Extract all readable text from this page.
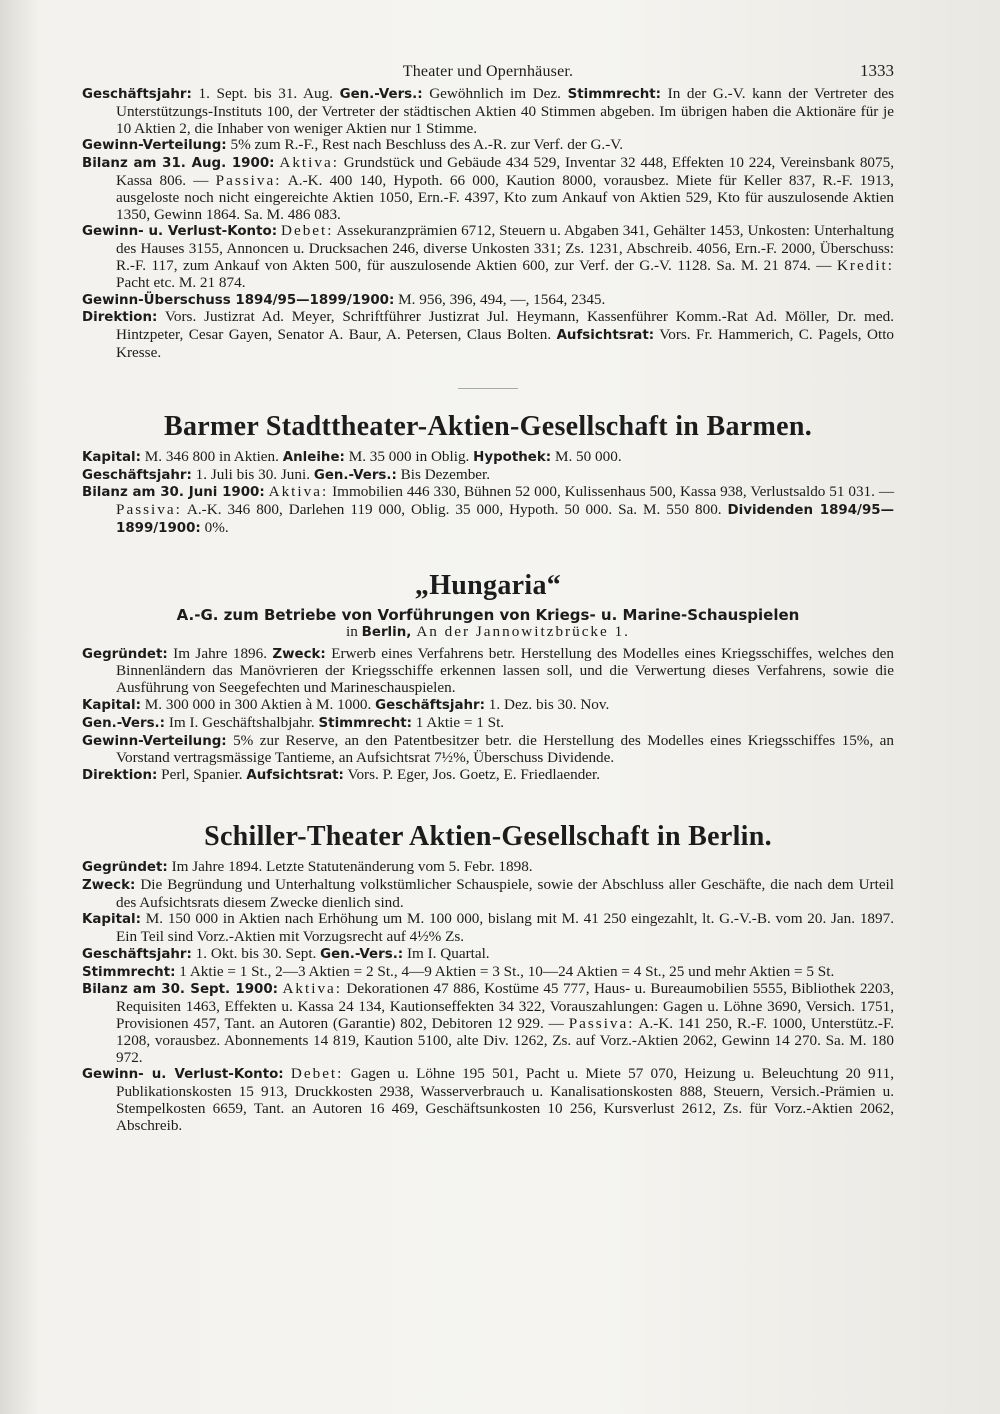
Theater und Opernhäuser.	1333

Geschäftsjahr: 1. Sept. bis 31. Aug. Gen.-Vers.: Gewöhnlich im Dez. Stimmrecht: In der G.-V. kann der Vertreter des Unterstützungs-Instituts 100, der Vertreter der städtischen Aktien 40 Stimmen abgeben. Im übrigen haben die Aktionäre für je 10 Aktien 2, die Inhaber von weniger Aktien nur 1 Stimme.

Gewinn-Verteilung: 5% zum R.-F., Rest nach Beschluss des A.-R. zur Verf. der G.-V.

Bilanz am 31. Aug. 1900: Aktiva: Grundstück und Gebäude 434 529, Inventar 32 448, Effekten 10 224, Vereinsbank 8075, Kassa 806. — Passiva: A.-K. 400 140, Hypoth. 66 000, Kaution 8000, vorausbez. Miete für Keller 837, R.-F. 1913, ausgeloste noch nicht eingereichte Aktien 1050, Ern.-F. 4397, Kto zum Ankauf von Aktien 529, Kto für auszulosende Aktien 1350, Gewinn 1864. Sa. M. 486 083.

Gewinn- u. Verlust-Konto: Debet: Assekuranzprämien 6712, Steuern u. Abgaben 341, Gehälter 1453, Unkosten: Unterhaltung des Hauses 3155, Annoncen u. Drucksachen 246, diverse Unkosten 331; Zs. 1231, Abschreib. 4056, Ern.-F. 2000, Überschuss: R.-F. 117, zum Ankauf von Akten 500, für auszulosende Aktien 600, zur Verf. der G.-V. 1128. Sa. M. 21 874. — Kredit: Pacht etc. M. 21 874.

Gewinn-Überschuss 1894/95—1899/1900: M. 956, 396, 494, —, 1564, 2345.

Direktion: Vors. Justizrat Ad. Meyer, Schriftführer Justizrat Jul. Heymann, Kassenführer Komm.-Rat Ad. Möller, Dr. med. Hintzpeter, Cesar Gayen, Senator A. Baur, A. Petersen, Claus Bolten. Aufsichtsrat: Vors. Fr. Hammerich, C. Pagels, Otto Kresse.

Barmer Stadttheater-Aktien-Gesellschaft in Barmen.

Kapital: M. 346 800 in Aktien. Anleihe: M. 35 000 in Oblig. Hypothek: M. 50 000.

Geschäftsjahr: 1. Juli bis 30. Juni. Gen.-Vers.: Bis Dezember.

Bilanz am 30. Juni 1900: Aktiva: Immobilien 446 330, Bühnen 52 000, Kulissenhaus 500, Kassa 938, Verlustsaldo 51 031. — Passiva: A.-K. 346 800, Darlehen 119 000, Oblig. 35 000, Hypoth. 50 000. Sa. M. 550 800. Dividenden 1894/95—1899/1900: 0%.

„Hungaria“

A.-G. zum Betriebe von Vorführungen von Kriegs- u. Marine-Schauspielen

in Berlin, An der Jannowitzbrücke 1.

Gegründet: Im Jahre 1896. Zweck: Erwerb eines Verfahrens betr. Herstellung des Modelles eines Kriegsschiffes, welches den Binnenländern das Manövrieren der Kriegsschiffe erkennen lassen soll, und die Verwertung dieses Verfahrens, sowie die Ausführung von Seegefechten und Marineschauspielen.

Kapital: M. 300 000 in 300 Aktien à M. 1000. Geschäftsjahr: 1. Dez. bis 30. Nov.

Gen.-Vers.: Im I. Geschäftshalbjahr. Stimmrecht: 1 Aktie = 1 St.

Gewinn-Verteilung: 5% zur Reserve, an den Patentbesitzer betr. die Herstellung des Modelles eines Kriegsschiffes 15%, an Vorstand vertragsmässige Tantieme, an Aufsichtsrat 7½%, Überschuss Dividende.

Direktion: Perl, Spanier. Aufsichtsrat: Vors. P. Eger, Jos. Goetz, E. Friedlaender.

Schiller-Theater Aktien-Gesellschaft in Berlin.

Gegründet: Im Jahre 1894. Letzte Statutenänderung vom 5. Febr. 1898.

Zweck: Die Begründung und Unterhaltung volkstümlicher Schauspiele, sowie der Abschluss aller Geschäfte, die nach dem Urteil des Aufsichtsrats diesem Zwecke dienlich sind.

Kapital: M. 150 000 in Aktien nach Erhöhung um M. 100 000, bislang mit M. 41 250 eingezahlt, lt. G.-V.-B. vom 20. Jan. 1897. Ein Teil sind Vorz.-Aktien mit Vorzugsrecht auf 4½% Zs.

Geschäftsjahr: 1. Okt. bis 30. Sept. Gen.-Vers.: Im I. Quartal.

Stimmrecht: 1 Aktie = 1 St., 2—3 Aktien = 2 St., 4—9 Aktien = 3 St., 10—24 Aktien = 4 St., 25 und mehr Aktien = 5 St.

Bilanz am 30. Sept. 1900: Aktiva: Dekorationen 47 886, Kostüme 45 777, Haus- u. Bureaumobilien 5555, Bibliothek 2203, Requisiten 1463, Effekten u. Kassa 24 134, Kautionseffekten 34 322, Vorauszahlungen: Gagen u. Löhne 3690, Versich. 1751, Provisionen 457, Tant. an Autoren (Garantie) 802, Debitoren 12 929. — Passiva: A.-K. 141 250, R.-F. 1000, Unterstütz.-F. 1208, vorausbez. Abonnements 14 819, Kaution 5100, alte Div. 1262, Zs. auf Vorz.-Aktien 2062, Gewinn 14 270. Sa. M. 180 972.

Gewinn- u. Verlust-Konto: Debet: Gagen u. Löhne 195 501, Pacht u. Miete 57 070, Heizung u. Beleuchtung 20 911, Publikationskosten 15 913, Druckkosten 2938, Wasserverbrauch u. Kanalisationskosten 888, Steuern, Versich.-Prämien u. Stempelkosten 6659, Tant. an Autoren 16 469, Geschäftsunkosten 10 256, Kursverlust 2612, Zs. für Vorz.-Aktien 2062, Abschreib.
